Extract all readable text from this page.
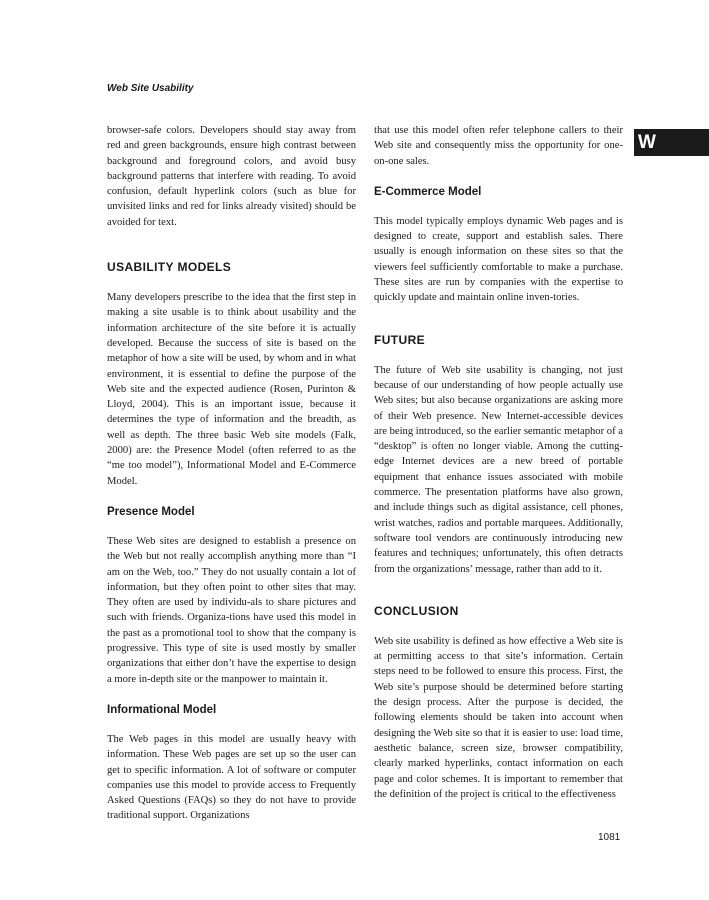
Web Site Usability

W

browser-safe colors. Developers should stay away from red and green backgrounds, ensure high contrast between background and foreground colors, and avoid busy background patterns that interfere with reading. To avoid confusion, default hyperlink colors (such as blue for unvisited links and red for links already visited) should be avoided for text.

USABILITY MODELS

Many developers prescribe to the idea that the first step in making a site usable is to think about usability and the information architecture of the site before it is actually developed. Because the success of site is based on the metaphor of how a site will be used, by whom and in what environment, it is essential to define the purpose of the Web site and the expected audience (Rosen, Purinton & Lloyd, 2004). This is an important issue, because it determines the type of information and the breadth, as well as depth. The three basic Web site models (Falk, 2000) are: the Presence Model (often referred to as the “me too model”), Informational Model and E-Commerce Model.

Presence Model

These Web sites are designed to establish a presence on the Web but not really accomplish anything more than “I am on the Web, too.” They do not usually contain a lot of information, but they often point to other sites that may. They often are used by individu-als to share pictures and such with friends. Organiza-tions have used this model in the past as a promotional tool to show that the company is progressive. This type of site is used mostly by smaller organizations that either don’t have the expertise to design a more in-depth site or the manpower to maintain it.

Informational Model

The Web pages in this model are usually heavy with information. These Web pages are set up so the user can get to specific information. A lot of software or computer companies use this model to provide access to Frequently Asked Questions (FAQs) so they do not have to provide traditional support. Organizations

that use this model often refer telephone callers to their Web site and consequently miss the opportunity for one-on-one sales.

E-Commerce Model

This model typically employs dynamic Web pages and is designed to create, support and establish sales. There usually is enough information on these sites so that the viewers feel sufficiently comfortable to make a purchase. These sites are run by companies with the expertise to quickly update and maintain online inven-tories.

FUTURE

The future of Web site usability is changing, not just because of our understanding of how people actually use Web sites; but also because organizations are asking more of their Web presence. New Internet-accessible devices are being introduced, so the earlier semantic metaphor of a “desktop” is often no longer viable. Among the cutting-edge Internet devices are a new breed of portable equipment that enhance issues associated with mobile commerce. The presentation platforms have also grown, and include things such as digital assistance, cell phones, wrist watches, radios and portable marquees. Additionally, software tool vendors are continuously introducing new features and techniques; unfortunately, this often detracts from the organizations’ message, rather than add to it.

CONCLUSION

Web site usability is defined as how effective a Web site is at permitting access to that site’s information. Certain steps need to be followed to ensure this process. First, the Web site’s purpose should be determined before starting the design process. After the purpose is decided, the following elements should be taken into account when designing the Web site so that it is easier to use: load time, aesthetic balance, screen size, browser compatibility, clearly marked hyperlinks, contact information on each page and color schemes. It is important to remember that the definition of the project is critical to the effectiveness

1081
